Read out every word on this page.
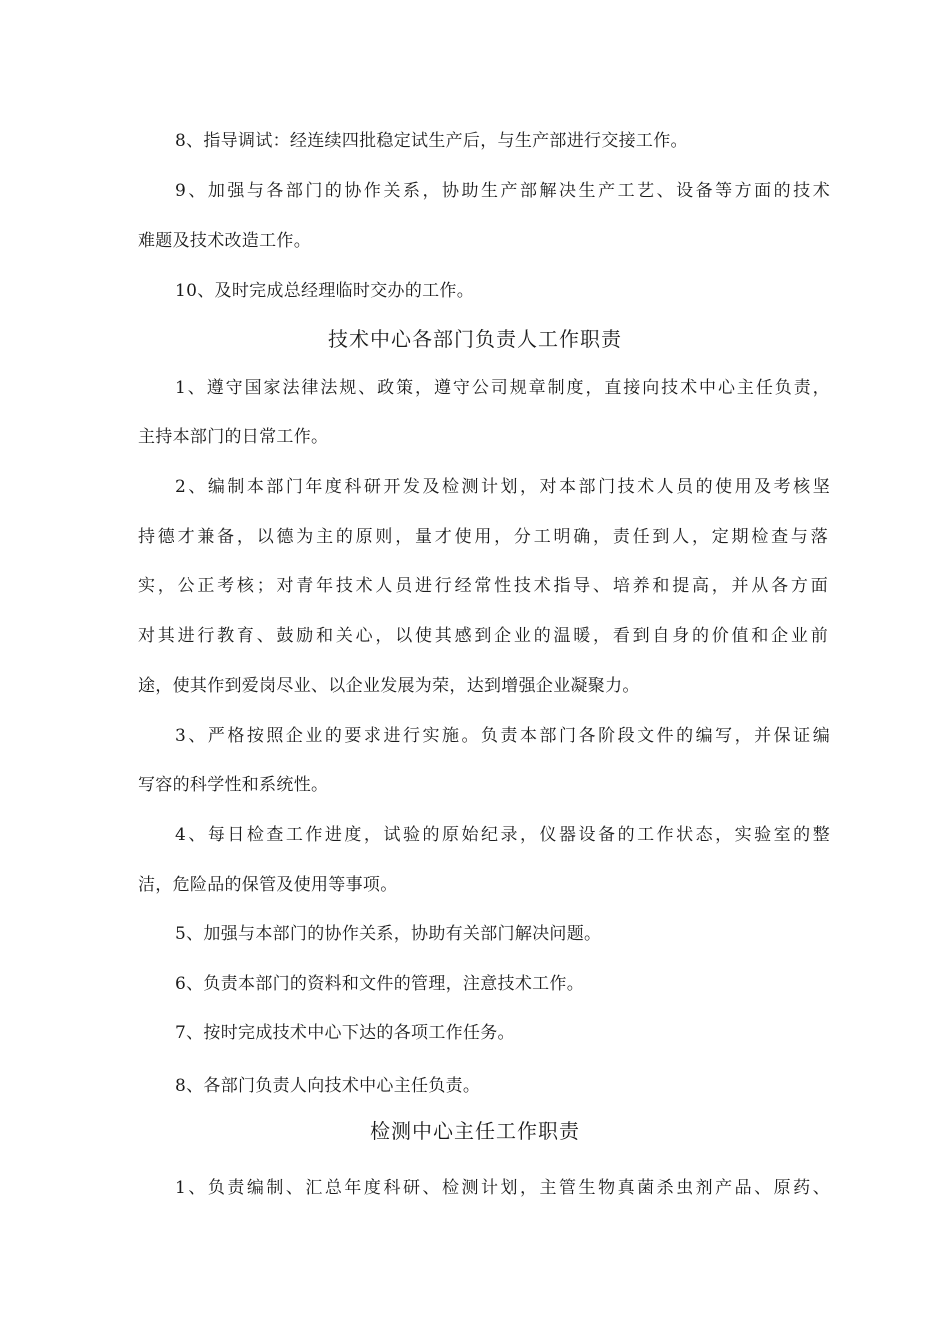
8、指导调试：经连续四批稳定试生产后，与生产部进行交接工作。
9、加强与各部门的协作关系，协助生产部解决生产工艺、设备等方面的技术
难题及技术改造工作。
10、及时完成总经理临时交办的工作。
技术中心各部门负责人工作职责
1、遵守国家法律法规、政策，遵守公司规章制度，直接向技术中心主任负责，
主持本部门的日常工作。
2、编制本部门年度科研开发及检测计划，对本部门技术人员的使用及考核坚
持德才兼备，以德为主的原则，量才使用，分工明确，责任到人，定期检查与落
实，公正考核；对青年技术人员进行经常性技术指导、培养和提高，并从各方面
对其进行教育、鼓励和关心，以使其感到企业的温暖，看到自身的价值和企业前
途，使其作到爱岗尽业、以企业发展为荣，达到增强企业凝聚力。
3、严格按照企业的要求进行实施。负责本部门各阶段文件的编写，并保证编
写容的科学性和系统性。
4、每日检查工作进度，试验的原始纪录，仪器设备的工作状态，实验室的整
洁，危险品的保管及使用等事项。
5、加强与本部门的协作关系，协助有关部门解决问题。
6、负责本部门的资料和文件的管理，注意技术工作。
7、按时完成技术中心下达的各项工作任务。
8、各部门负责人向技术中心主任负责。
检测中心主任工作职责
1、负责编制、汇总年度科研、检测计划，主管生物真菌杀虫剂产品、原药、
